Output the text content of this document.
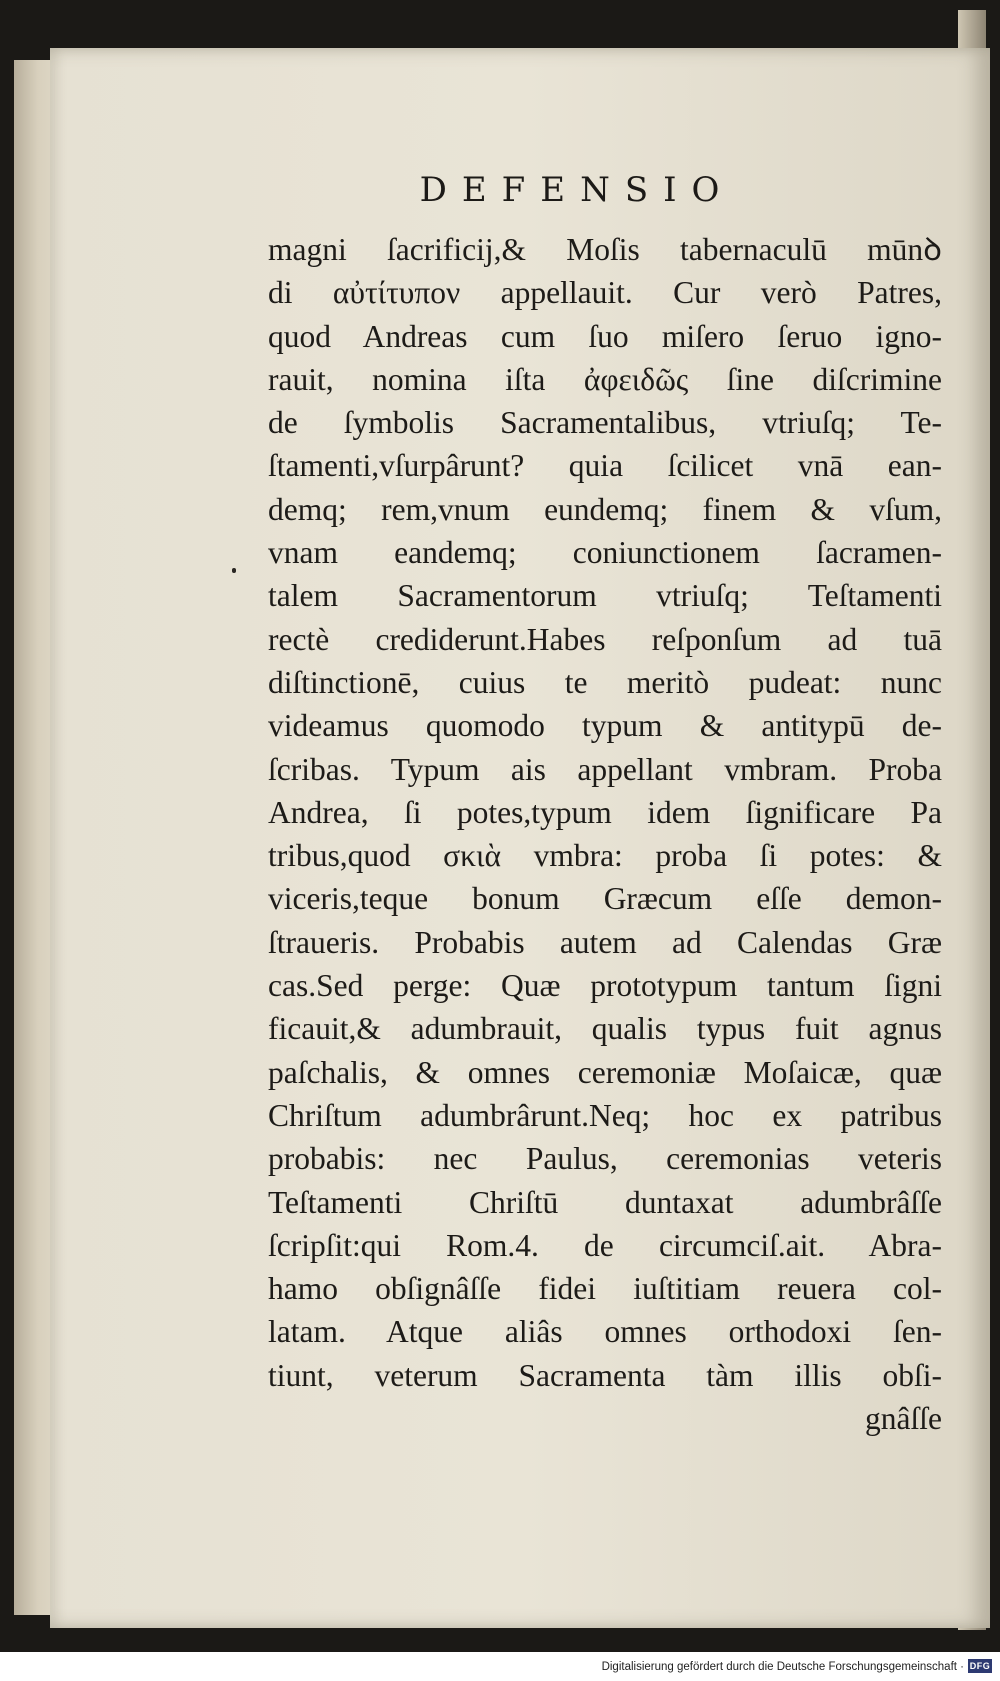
DEFENSIO
magni ſacrificij,& Moſis tabernaculū mūnꝺ
di αὐτίτυπον appellauit. Cur verò Patres,
quod Andreas cum ſuo miſero ſeruo igno-
rauit, nomina iſta ἀφειδῶς ſine diſcrimine
de ſymbolis Sacramentalibus, vtriuſq; Te-
ſtamenti,vſurpârunt? quia ſcilicet vnā ean-
demq; rem,vnum eundemq; finem & vſum,
vnam eandemq; coniunctionem ſacramen-
talem Sacramentorum vtriuſq; Teſtamenti
rectè crediderunt.Habes reſponſum ad tuā
diſtinctionē, cuius te meritò pudeat: nunc
videamus quomodo typum & antitypū de-
ſcribas. Typum ais appellant vmbram. Proba
Andrea, ſi potes,typum idem ſignificare Pa
tribus,quod σκιὰ vmbra: proba ſi potes: &
viceris,teque bonum Græcum eſſe demon-
ſtraueris. Probabis autem ad Calendas Græ
cas.Sed perge: Quæ prototypum tantum ſigni
ficauit,& adumbrauit, qualis typus fuit agnus
paſchalis, & omnes ceremoniæ Moſaicæ, quæ
Chriſtum adumbrârunt.Neq; hoc ex patribus
probabis: nec Paulus, ceremonias veteris
Teſtamenti Chriſtū duntaxat adumbrâſſe
ſcripſit:qui Rom.4. de circumciſ.ait. Abra-
hamo obſignâſſe fidei iuſtitiam reuera col-
latam. Atque aliâs omnes orthodoxi ſen-
tiunt, veterum Sacramenta tàm illis obſi-
gnâſſe
Digitalisierung gefördert durch die Deutsche Forschungsgemeinschaft · DFG
